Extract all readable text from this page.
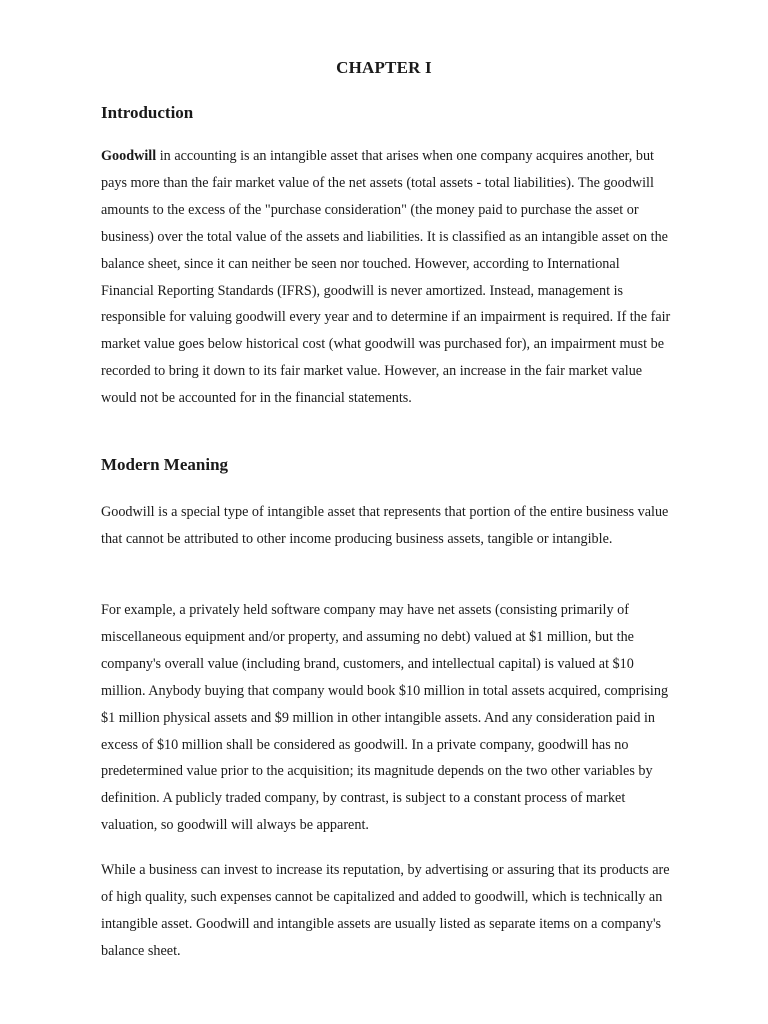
CHAPTER I
Introduction

Goodwill in accounting is an intangible asset that arises when one company acquires another, but pays more than the fair market value of the net assets (total assets - total liabilities). The goodwill amounts to the excess of the "purchase consideration" (the money paid to purchase the asset or business) over the total value of the assets and liabilities. It is classified as an intangible asset on the balance sheet, since it can neither be seen nor touched. However, according to International Financial Reporting Standards (IFRS), goodwill is never amortized. Instead, management is responsible for valuing goodwill every year and to determine if an impairment is required. If the fair market value goes below historical cost (what goodwill was purchased for), an impairment must be recorded to bring it down to its fair market value. However, an increase in the fair market value would not be accounted for in the financial statements.

Modern Meaning

Goodwill is a special type of intangible asset that represents that portion of the entire business value that cannot be attributed to other income producing business assets, tangible or intangible.

For example, a privately held software company may have net assets (consisting primarily of miscellaneous equipment and/or property, and assuming no debt) valued at $1 million, but the company's overall value (including brand, customers, and intellectual capital) is valued at $10 million. Anybody buying that company would book $10 million in total assets acquired, comprising $1 million physical assets and $9 million in other intangible assets. And any consideration paid in excess of $10 million shall be considered as goodwill. In a private company, goodwill has no predetermined value prior to the acquisition; its magnitude depends on the two other variables by definition. A publicly traded company, by contrast, is subject to a constant process of market valuation, so goodwill will always be apparent.

While a business can invest to increase its reputation, by advertising or assuring that its products are of high quality, such expenses cannot be capitalized and added to goodwill, which is technically an intangible asset. Goodwill and intangible assets are usually listed as separate items on a company's balance sheet.
